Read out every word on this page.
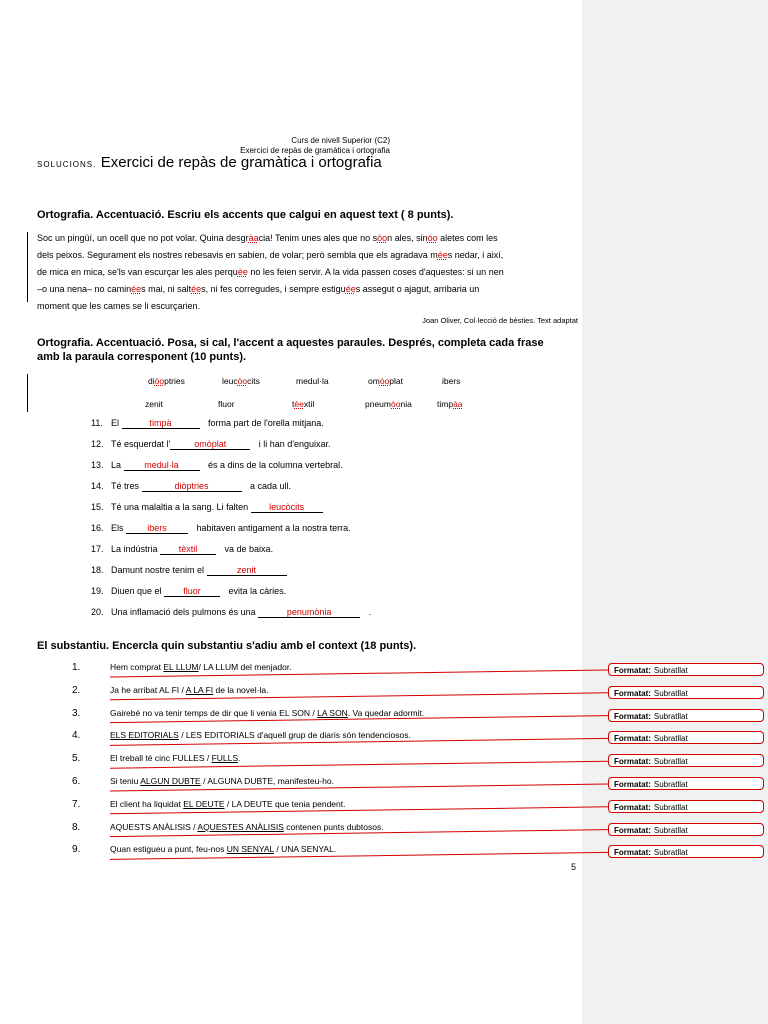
Curs de nivell Superior (C2)
Exercici de repàs de gramàtica i ortografia
SOLUCIONS. Exercici de repàs de gramàtica i ortografia
Ortografia. Accentuació. Escriu els accents que calgui en aquest text ( 8 punts).
Soc un pingüí, un ocell que no pot volar. Quina desgràacia! Tenim unes ales que no sóon ales, sinóo aletes com les
dels peixos. Segurament els nostres rebesavis en sabien, de volar; però sembla que els agradava mées nedar, i així,
de mica en mica, se'ls van escurçar les ales perquèe no les feien servir. A la vida passen coses d'aquestes: si un nen
–o una nena– no caminées mai, ni saltées, ni fes corregudes, i sempre estiguées assegut o ajagut, arribaria un
moment que les cames se li escurçarien.
Joan Oliver, Col·lecció de bèsties. Text adaptat
Ortografia. Accentuació. Posa, si cal, l'accent a aquestes paraules. Després, completa cada frase
amb la paraula corresponent (10 punts).
diòoptries	leucòocits	medul·la	omòoplat	ibers
zenit	fluor	tèextil	pneumòonia	timpàa
11. El	timpà	forma part de l'orella mitjana.
12. Té esquerdat l'	omòplat	i li han d'enguixar.
13. La medul·la	és a dins de la columna vertebral.
14. Té tres	diòptries	a cada ull.
15. Té una malaltia a la sang. Li falten leucòcits
16. Els ibers	habitaven antigament a la nostra terra.
17. La indústria tèxtil	va de baixa.
18. Damunt nostre tenim el	zenit
19. Diuen que el fluor	evita la càries.
20. Una inflamació dels pulmons és una	penumònia	.
El substantiu. Encercla quin substantiu s'adiu amb el context (18 punts).
1.	Hem comprat EL LLUM/ LA LLUM del menjador.
2.	Ja he arribat AL FI / A LA FI de la novel·la.
3.	Gairebé no va tenir temps de dir que li venia EL SON / LA SON. Va quedar adormit.
4.	ELS EDITORIALS / LES EDITORIALS d'aquell grup de diaris són tendenciosos.
5.	El treball té cinc FULLES / FULLS.
6.	Si teniu ALGUN DUBTE / ALGUNA DUBTE, manifesteu-ho.
7.	El client ha liquidat EL DEUTE / LA DEUTE que tenia pendent.
8.	AQUESTS ANÀLISIS / AQUESTES ANÀLISIS contenen punts dubtosos.
9.	Quan estigueu a punt, feu-nos UN SENYAL / UNA SENYAL.
5
Formatat: Subratllat
Formatat: Subratllat
Formatat: Subratllat
Formatat: Subratllat
Formatat: Subratllat
Formatat: Subratllat
Formatat: Subratllat
Formatat: Subratllat
Formatat: Subratllat
